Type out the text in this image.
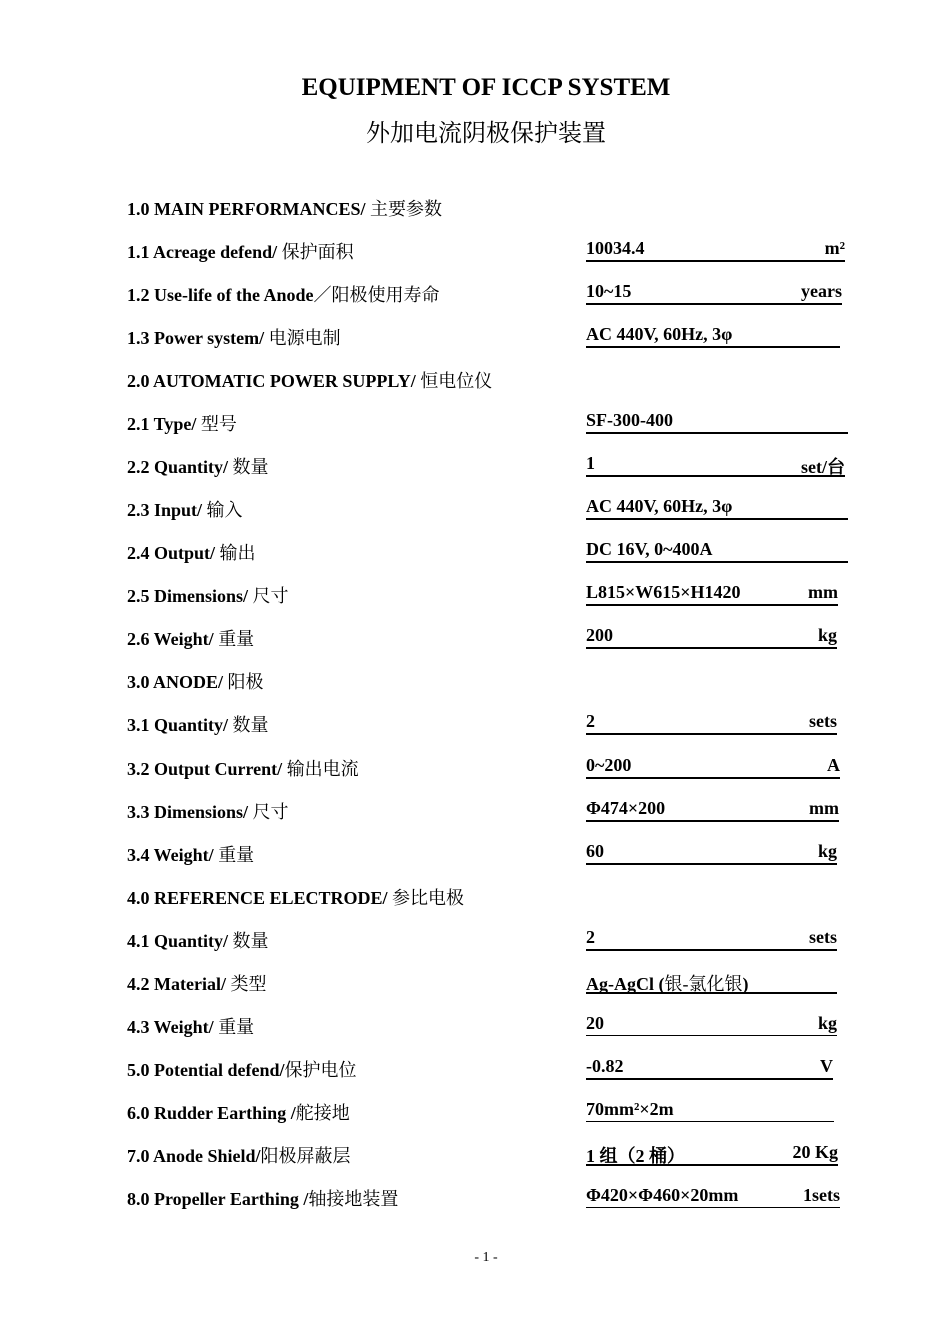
EQUIPMENT OF ICCP SYSTEM
外加电流阴极保护装置
1.0 MAIN PERFORMANCES/ 主要参数
1.1 Acreage defend/ 保护面积	10034.4	m²
1.2 Use-life of the Anode／阳极使用寿命	10~15	years
1.3 Power system/ 电源电制	AC 440V, 60Hz, 3φ
2.0 AUTOMATIC POWER SUPPLY/ 恒电位仪
2.1 Type/ 型号	SF-300-400
2.2 Quantity/ 数量	1	set/台
2.3 Input/ 输入	AC 440V, 60Hz, 3φ
2.4 Output/ 输出	DC 16V, 0~400A
2.5 Dimensions/ 尺寸	L815×W615×H1420	mm
2.6 Weight/ 重量	200	kg
3.0 ANODE/ 阳极
3.1 Quantity/ 数量	2	sets
3.2 Output Current/ 输出电流	0~200	A
3.3 Dimensions/ 尺寸	Φ474×200	mm
3.4 Weight/ 重量	60	kg
4.0 REFERENCE ELECTRODE/ 参比电极
4.1 Quantity/ 数量	2	sets
4.2 Material/ 类型	Ag-AgCl (银-氯化银)
4.3 Weight/ 重量	20	kg
5.0 Potential defend/保护电位	-0.82	V
6.0 Rudder Earthing /舵接地	70mm²×2m
7.0 Anode Shield/阳极屏蔽层	1 组（2 桶）	20 Kg
8.0 Propeller Earthing /轴接地装置	Φ420×Φ460×20mm	1sets
- 1 -
